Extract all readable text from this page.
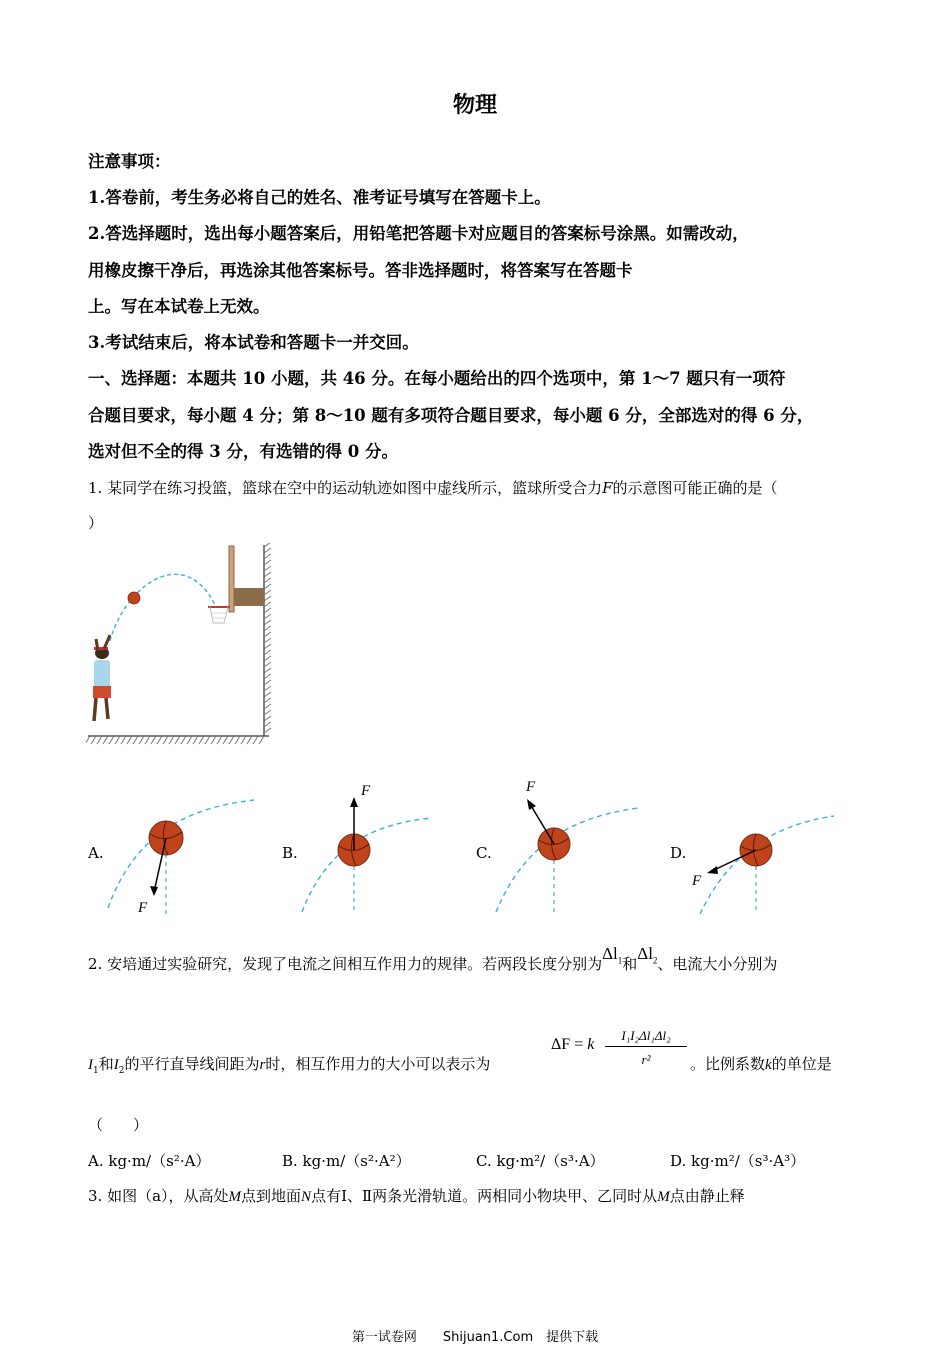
物理
注意事项：
1.答卷前，考生务必将自己的姓名、准考证号填写在答题卡上。
2.答选择题时，选出每小题答案后，用铅笔把答题卡对应题目的答案标号涂黑。如需改动，
用橡皮擦干净后，再选涂其他答案标号。答非选择题时，将答案写在答题卡
上。写在本试卷上无效。
3.考试结束后，将本试卷和答题卡一并交回。
一、选择题：本题共 10 小题，共 46 分。在每小题给出的四个选项中，第 1～7 题只有一项符
合题目要求，每小题 4 分；第 8～10 题有多项符合题目要求，每小题 6 分，全部选对的得 6 分，
选对但不全的得 3 分，有选错的得 0 分。
1. 某同学在练习投篮，篮球在空中的运动轨迹如图中虚线所示，篮球所受合力F的示意图可能正确的是（
）
A.
F
B.
F
C.
F
D.
F
2. 安培通过实验研究，发现了电流之间相互作用力的规律。若两段长度分别为$\Delta l_1$和$\Delta l_2$、电流大小分别为
$I_1$和$I_2$的平行直导线间距为r时，相互作用力的大小可以表示为
ΔF = k
I₁I₂Δl₁Δl₂
r²	。比例系数k的单位是
（　　）
A. kg·m/（s²·A）	B. kg·m/（s²·A²）	C. kg·m²/（s³·A）	D. kg·m²/（s³·A³）
3. 如图（a），从高处M点到地面N点有Ⅰ、Ⅱ两条光滑轨道。两相同小物块甲、乙同时从M点由静止释
第一试卷网　　Shijuan1.Com　提供下载
